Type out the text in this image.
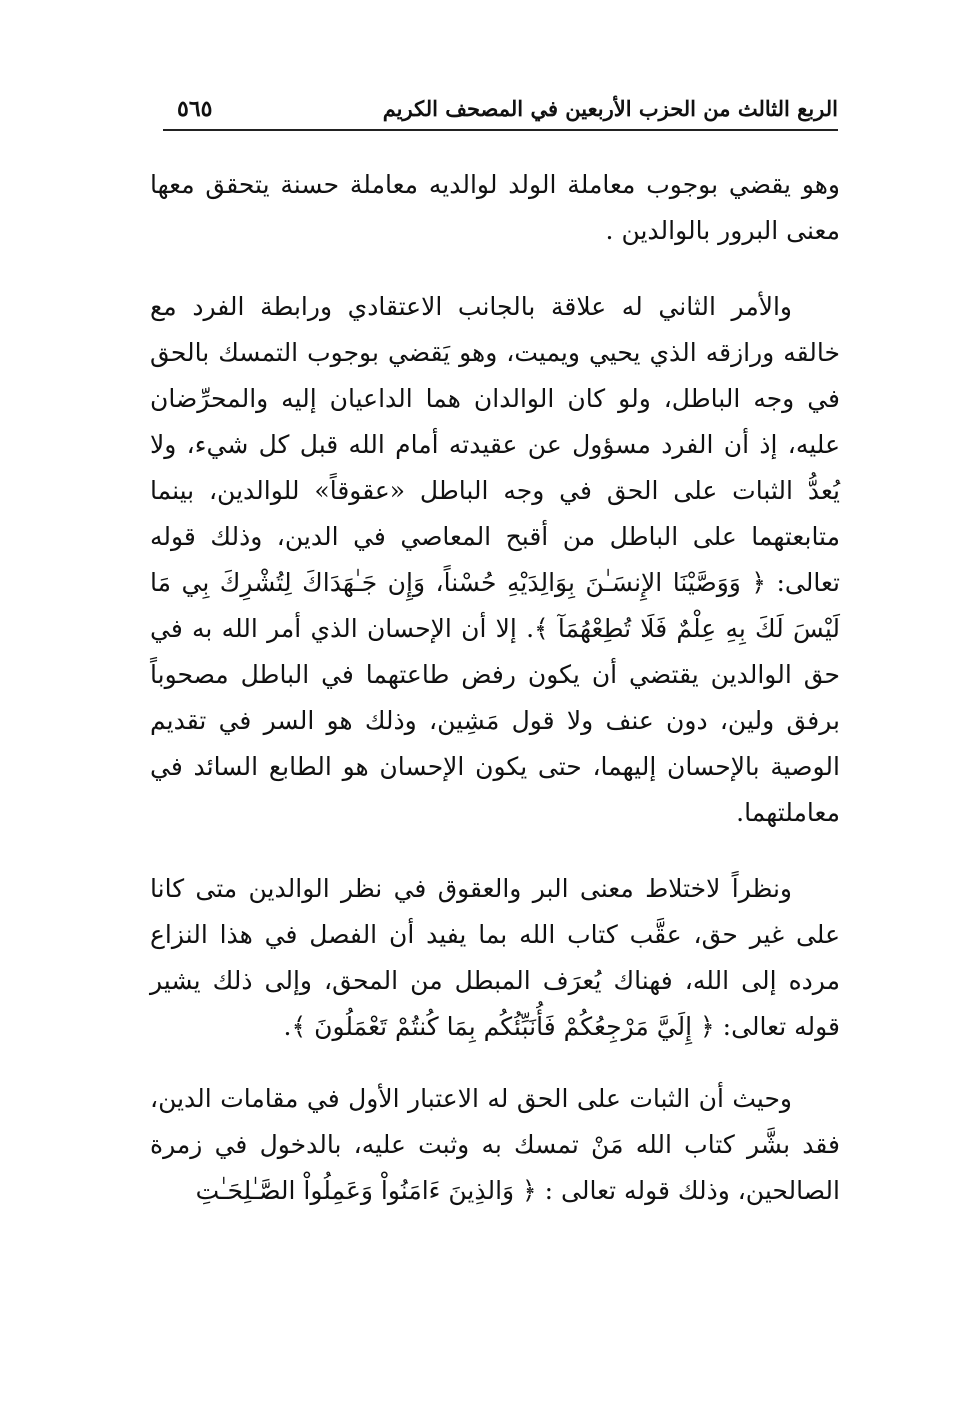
الربع الثالث من الحزب الأربعين في المصحف الكريم
٥٦٥

وهو يقضي بوجوب معاملة الولد لوالديه معاملة حسنة يتحقق معها معنى البرور بالوالدين .

والأمر الثاني له علاقة بالجانب الاعتقادي ورابطة الفرد مع خالقه ورازقه الذي يحيي ويميت، وهو يَقضي بوجوب التمسك بالحق في وجه الباطل، ولو كان الوالدان هما الداعيان إليه والمحرِّضان عليه، إذ أن الفرد مسؤول عن عقيدته أمام الله قبل كل شيء، ولا يُعدُّ الثبات على الحق في وجه الباطل «عقوقاً» للوالدين، بينما متابعتهما على الباطل من أقبح المعاصي في الدين، وذلك قوله تعالى: ﴿ وَوَصَّيْنَا الإِنسَـٰنَ بِوَالِدَيْهِ حُسْناً، وَإِن جَـٰهَدَاكَ لِتُشْرِكَ بِي مَا لَيْسَ لَكَ بِهِ عِلْمٌ فَلَا تُطِعْهُمَآ ﴾. إلا أن الإحسان الذي أمر الله به في حق الوالدين يقتضي أن يكون رفض طاعتهما في الباطل مصحوباً برفق ولين، دون عنف ولا قول مَشِين، وذلك هو السر في تقديم الوصية بالإحسان إليهما، حتى يكون الإحسان هو الطابع السائد في معاملتهما.

ونظراً لاختلاط معنى البر والعقوق في نظر الوالدين متى كانا على غير حق، عقَّب كتاب الله بما يفيد أن الفصل في هذا النزاع مرده إلى الله، فهناك يُعرَف المبطل من المحق، وإلى ذلك يشير قوله تعالى: ﴿ إِلَيَّ مَرْجِعُكُمْ فَأُنَبِّئُكُم بِمَا كُنتُمْ تَعْمَلُونَ ﴾.

وحيث أن الثبات على الحق له الاعتبار الأول في مقامات الدين، فقد بشَّر كتاب الله مَنْ تمسك به وثبت عليه، بالدخول في زمرة الصالحين، وذلك قوله تعالى : ﴿ وَالذِينَ ءَامَنُواْ وَعَمِلُواْ الصَّـٰلِحَـٰتِ
